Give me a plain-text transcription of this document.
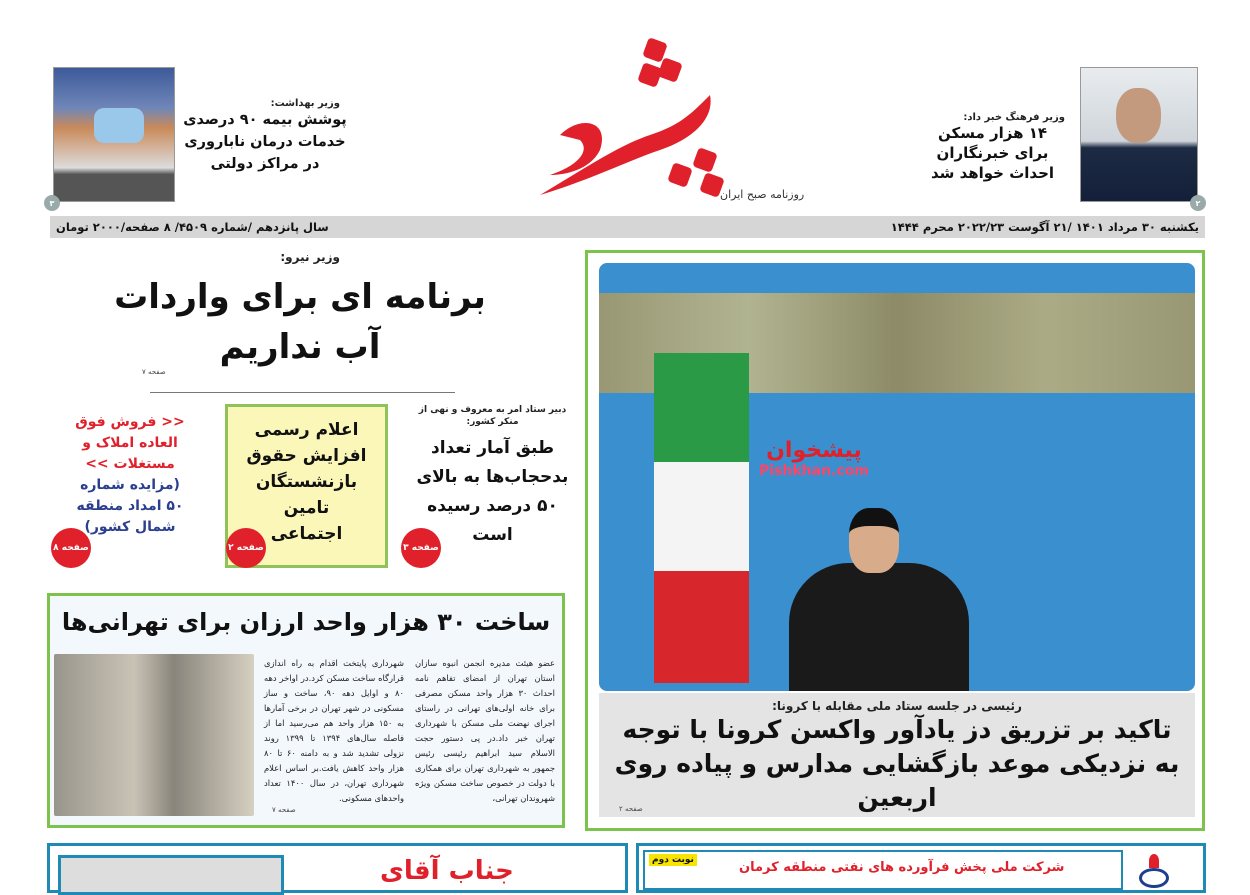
روزنامه صبح ایران
۲
وزیر فرهنگ خبر داد:
۱۴ هزار مسکن برای خبرنگاران احداث خواهد شد
۳
وزیر بهداشت:
پوشش بیمه ۹۰ درصدی خدمات درمان ناباروری در مراکز دولتی
یکشنبه ۳۰ مرداد ۱۴۰۱ /۲۱ آگوست ۲۰۲۲/۲۳ محرم ۱۴۴۴
سال پانزدهم /شماره ۴۵۰۹/ ۸ صفحه/۲۰۰۰ تومان
پیشخوان
Pishkhan.com
رئیسی در جلسه ستاد ملی مقابله با کرونا:
تاکید بر تزریق دز یادآور واکسن کرونا با توجه به نزدیکی موعد بازگشایی مدارس و پیاده روی اربعین
صفحه ۲
وزیر نیرو:
برنامه ای برای واردات آب نداریم
صفحه ۷
دبیر ستاد امر به معروف و نهی از منکر کشور:
طبق آمار تعداد بدحجاب‌ها به بالای ۵۰ درصد رسیده است
صفحه ۳
اعلام رسمی افزایش حقوق بازنشستگان تامین اجتماعی
صفحه ۲
<< فروش فوق العاده املاک و مستغلات >>
(مزایده شماره ۵۰ امداد منطقه شمال کشور)
صفحه ۸
ساخت ۳۰ هزار واحد ارزان برای تهرانی‌ها
شهرداری پایتخت اقدام به راه اندازی قرارگاه ساخت مسکن کرد.در اواخر دهه ۸۰ و اوایل دهه ۹۰، ساخت و ساز مسکونی در شهر تهران در برخی آمارها به ۱۵۰ هزار واحد هم می‌رسید اما از فاصله سال‌های ۱۳۹۴ تا ۱۳۹۹ روند نزولی تشدید شد و به دامنه ۶۰ تا ۸۰ هزار واحد کاهش یافت.بر اساس اعلام شهرداری تهران، در سال ۱۴۰۰ تعداد واحدهای مسکونی.
عضو هیئت مدیره انجمن انبوه سازان استان تهران از امضای تفاهم نامه احداث ۳۰ هزار واحد مسکن مصرفی برای خانه اولی‌های تهرانی در راستای اجرای نهضت ملی مسکن با شهرداری تهران خبر داد.در پی دستور حجت الاسلام سید ابراهیم رئیسی رئیس جمهور به شهرداری تهران برای همکاری با دولت در خصوص ساخت مسکن ویژه شهروندان تهرانی،
صفحه ۷
جناب آقای	نوبت دوم	شرکت ملی پخش فرآورده های نفتی منطقه کرمان
